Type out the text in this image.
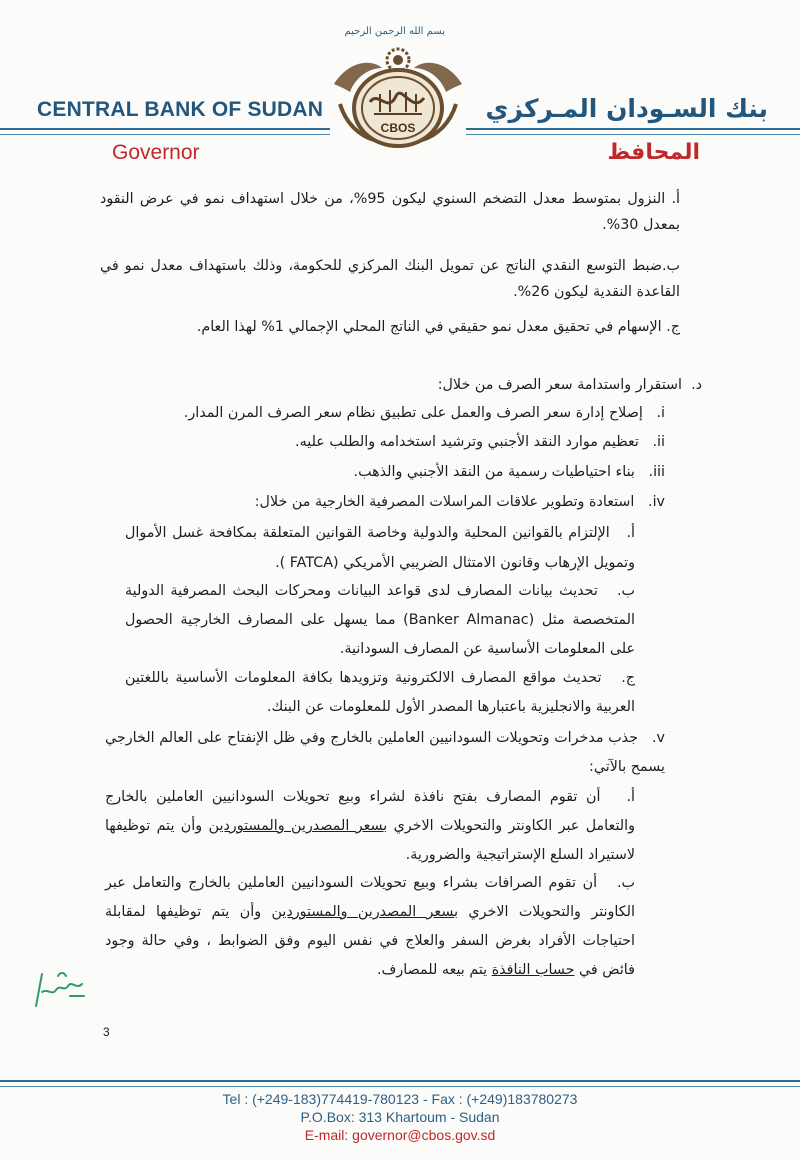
بسم الله الرحمن الرحيم
CENTRAL BANK OF SUDAN
Governor
بنك السـودان المـركزي
المحافظ
CBOS
أ. النزول بمتوسط معدل التضخم السنوي ليكون 95%، من خلال استهداف نمو في عرض النقود بمعدل 30%.
ب.ضبط التوسع النقدي الناتج عن تمويل البنك المركزي للحكومة، وذلك باستهداف معدل نمو في القاعدة النقدية ليكون 26%.
ج. الإسهام في تحقيق معدل نمو حقيقي في الناتج المحلي الإجمالي 1% لهذا العام.
د.  استقرار واستدامة سعر الصرف من خلال:
i.   إصلاح إدارة سعر الصرف والعمل على تطبيق نظام سعر الصرف المرن المدار.
ii.   تعظيم موارد النقد الأجنبي وترشيد استخدامه والطلب عليه.
iii.   بناء احتياطيات رسمية من النقد الأجنبي والذهب.
iv.   استعادة وتطوير علاقات المراسلات المصرفية الخارجية من خلال:
أ.   الإلتزام بالقوانين المحلية والدولية وخاصة القوانين المتعلقة بمكافحة غسل الأموال وتمويل الإرهاب وقانون الامتثال الضريبي الأمريكي (FATCA ).
ب.   تحديث بيانات المصارف لدى قواعد البيانات ومحركات البحث المصرفية الدولية المتخصصة مثل (Banker Almanac) مما يسهل على المصارف الخارجية الحصول على المعلومات الأساسية عن المصارف السودانية.
ج.   تحديث مواقع المصارف الالكترونية وتزويدها بكافة المعلومات الأساسية باللغتين العربية والانجليزية باعتبارها المصدر الأول للمعلومات عن البنك.
v.   جذب مدخرات وتحويلات السودانيين العاملين بالخارج وفي ظل الإنفتاح على العالم الخارجي يسمح بالآتي:
أ.   أن تقوم المصارف بفتح نافذة لشراء وبيع تحويلات السودانيين العاملين بالخارج والتعامل عبر الكاونتر والتحويلات الاخري بسعر المصدرين والمستوردين وأن يتم توظيفها لاستيراد السلع الإستراتيجية والضرورية.
ب.   أن تقوم الصرافات بشراء وبيع تحويلات السودانيين العاملين بالخارج والتعامل عبر الكاونتر والتحويلات الاخري بسعر المصدرين والمستوردين وأن يتم توظيفها لمقابلة احتياجات الأفراد بغرض السفر والعلاج في نفس اليوم وفق الضوابط ، وفي حالة وجود فائض في حساب النافذة يتم بيعه للمصارف.
3
Tel : (+249-183)774419-780123 - Fax : (+249)183780273
P.O.Box: 313 Khartoum - Sudan
E-mail: governor@cbos.gov.sd
